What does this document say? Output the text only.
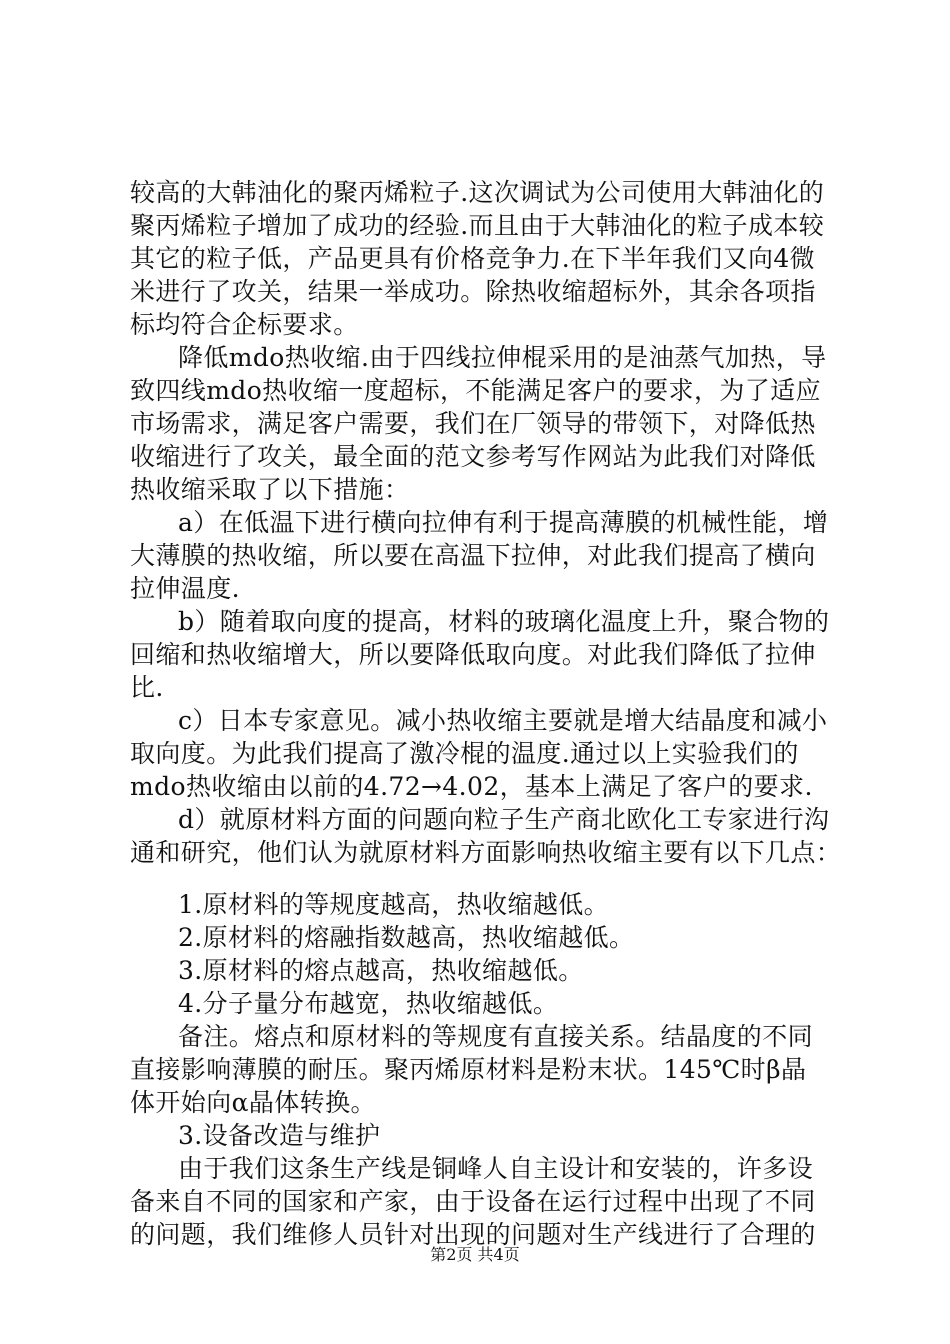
较高的大韩油化的聚丙烯粒子.这次调试为公司使用大韩油化的
聚丙烯粒子增加了成功的经验.而且由于大韩油化的粒子成本较
其它的粒子低，产品更具有价格竞争力.在下半年我们又向4微
米进行了攻关，结果一举成功。除热收缩超标外，其余各项指
标均符合企标要求。
降低mdo热收缩.由于四线拉伸棍采用的是油蒸气加热，导
致四线mdo热收缩一度超标，不能满足客户的要求，为了适应
市场需求，满足客户需要，我们在厂领导的带领下，对降低热
收缩进行了攻关，最全面的范文参考写作网站为此我们对降低
热收缩采取了以下措施：
a）在低温下进行横向拉伸有利于提高薄膜的机械性能，增
大薄膜的热收缩，所以要在高温下拉伸，对此我们提高了横向
拉伸温度.
b）随着取向度的提高，材料的玻璃化温度上升，聚合物的
回缩和热收缩增大，所以要降低取向度。对此我们降低了拉伸
比.
c）日本专家意见。减小热收缩主要就是增大结晶度和减小
取向度。为此我们提高了激冷棍的温度.通过以上实验我们的
mdo热收缩由以前的4.72→4.02，基本上满足了客户的要求.
d）就原材料方面的问题向粒子生产商北欧化工专家进行沟
通和研究，他们认为就原材料方面影响热收缩主要有以下几点：
1.原材料的等规度越高，热收缩越低。
2.原材料的熔融指数越高，热收缩越低。
3.原材料的熔点越高，热收缩越低。
4.分子量分布越宽，热收缩越低。
备注。熔点和原材料的等规度有直接关系。结晶度的不同
直接影响薄膜的耐压。聚丙烯原材料是粉末状。145℃时β晶
体开始向α晶体转换。
3.设备改造与维护
由于我们这条生产线是铜峰人自主设计和安装的，许多设
备来自不同的国家和产家，由于设备在运行过程中出现了不同
的问题，我们维修人员针对出现的问题对生产线进行了合理的
第2页 共4页
